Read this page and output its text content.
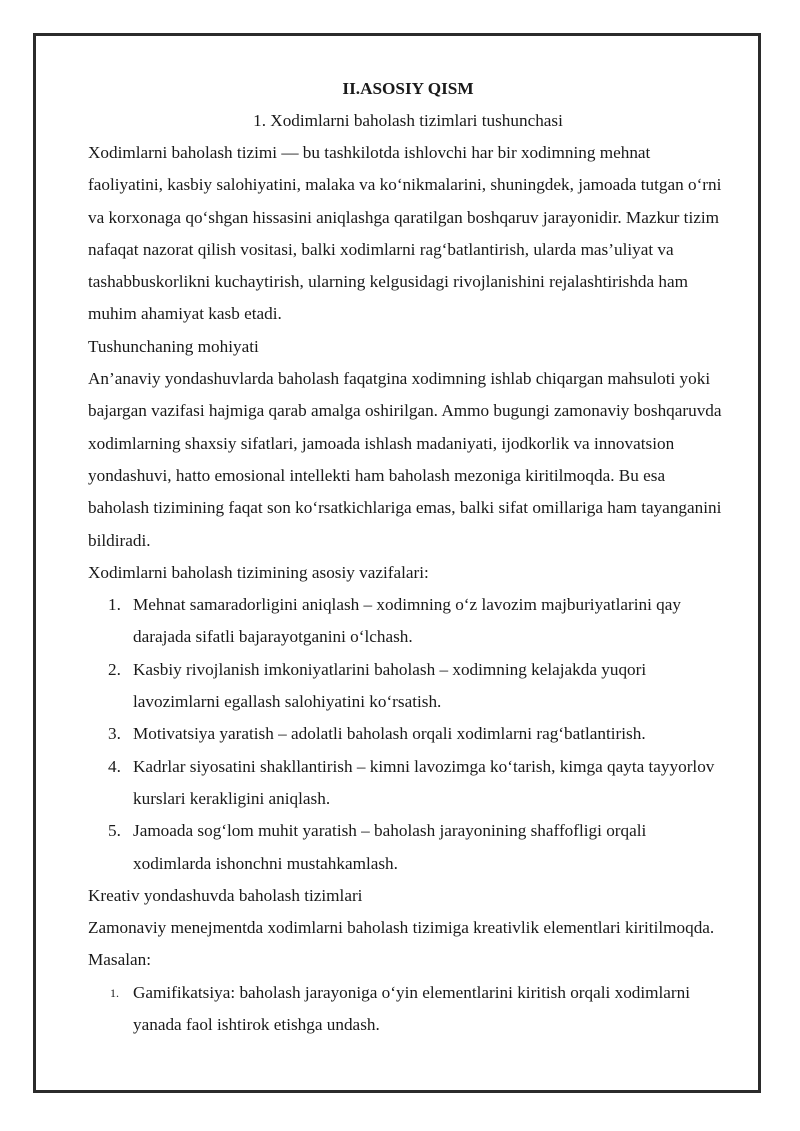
II.ASOSIY QISM

1. Xodimlarni baholash tizimlari tushunchasi

Xodimlarni baholash tizimi — bu tashkilotda ishlovchi har bir xodimning mehnat faoliyatini, kasbiy salohiyatini, malaka va ko‘nikmalarini, shuningdek, jamoada tutgan o‘rni va korxonaga qo‘shgan hissasini aniqlashga qaratilgan boshqaruv jarayonidir. Mazkur tizim nafaqat nazorat qilish vositasi, balki xodimlarni rag‘batlantirish, ularda mas’uliyat va tashabbuskorlikni kuchaytirish, ularning kelgusidagi rivojlanishini rejalashtirishda ham muhim ahamiyat kasb etadi.

Tushunchaning mohiyati

An’anaviy yondashuvlarda baholash faqatgina xodimning ishlab chiqargan mahsuloti yoki bajargan vazifasi hajmiga qarab amalga oshirilgan. Ammo bugungi zamonaviy boshqaruvda xodimlarning shaxsiy sifatlari, jamoada ishlash madaniyati, ijodkorlik va innovatsion yondashuvi, hatto emosional intellekti ham baholash mezoniga kiritilmoqda. Bu esa baholash tizimining faqat son ko‘rsatkichlariga emas, balki sifat omillariga ham tayanganini bildiradi.

Xodimlarni baholash tizimining asosiy vazifalari:

1. Mehnat samaradorligini aniqlash – xodimning o‘z lavozim majburiyatlarini qay darajada sifatli bajarayotganini o‘lchash.
2. Kasbiy rivojlanish imkoniyatlarini baholash – xodimning kelajakda yuqori lavozimlarni egallash salohiyatini ko‘rsatish.
3. Motivatsiya yaratish – adolatli baholash orqali xodimlarni rag‘batlantirish.
4. Kadrlar siyosatini shakllantirish – kimni lavozimga ko‘tarish, kimga qayta tayyorlov kurslari kerakligini aniqlash.
5. Jamoada sog‘lom muhit yaratish – baholash jarayonining shaffofligi orqali xodimlarda ishonchni mustahkamlash.

Kreativ yondashuvda baholash tizimlari

Zamonaviy menejmentda xodimlarni baholash tizimiga kreativlik elementlari kiritilmoqda. Masalan:

1. Gamifikatsiya: baholash jarayoniga o‘yin elementlarini kiritish orqali xodimlarni yanada faol ishtirok etishga undash.
